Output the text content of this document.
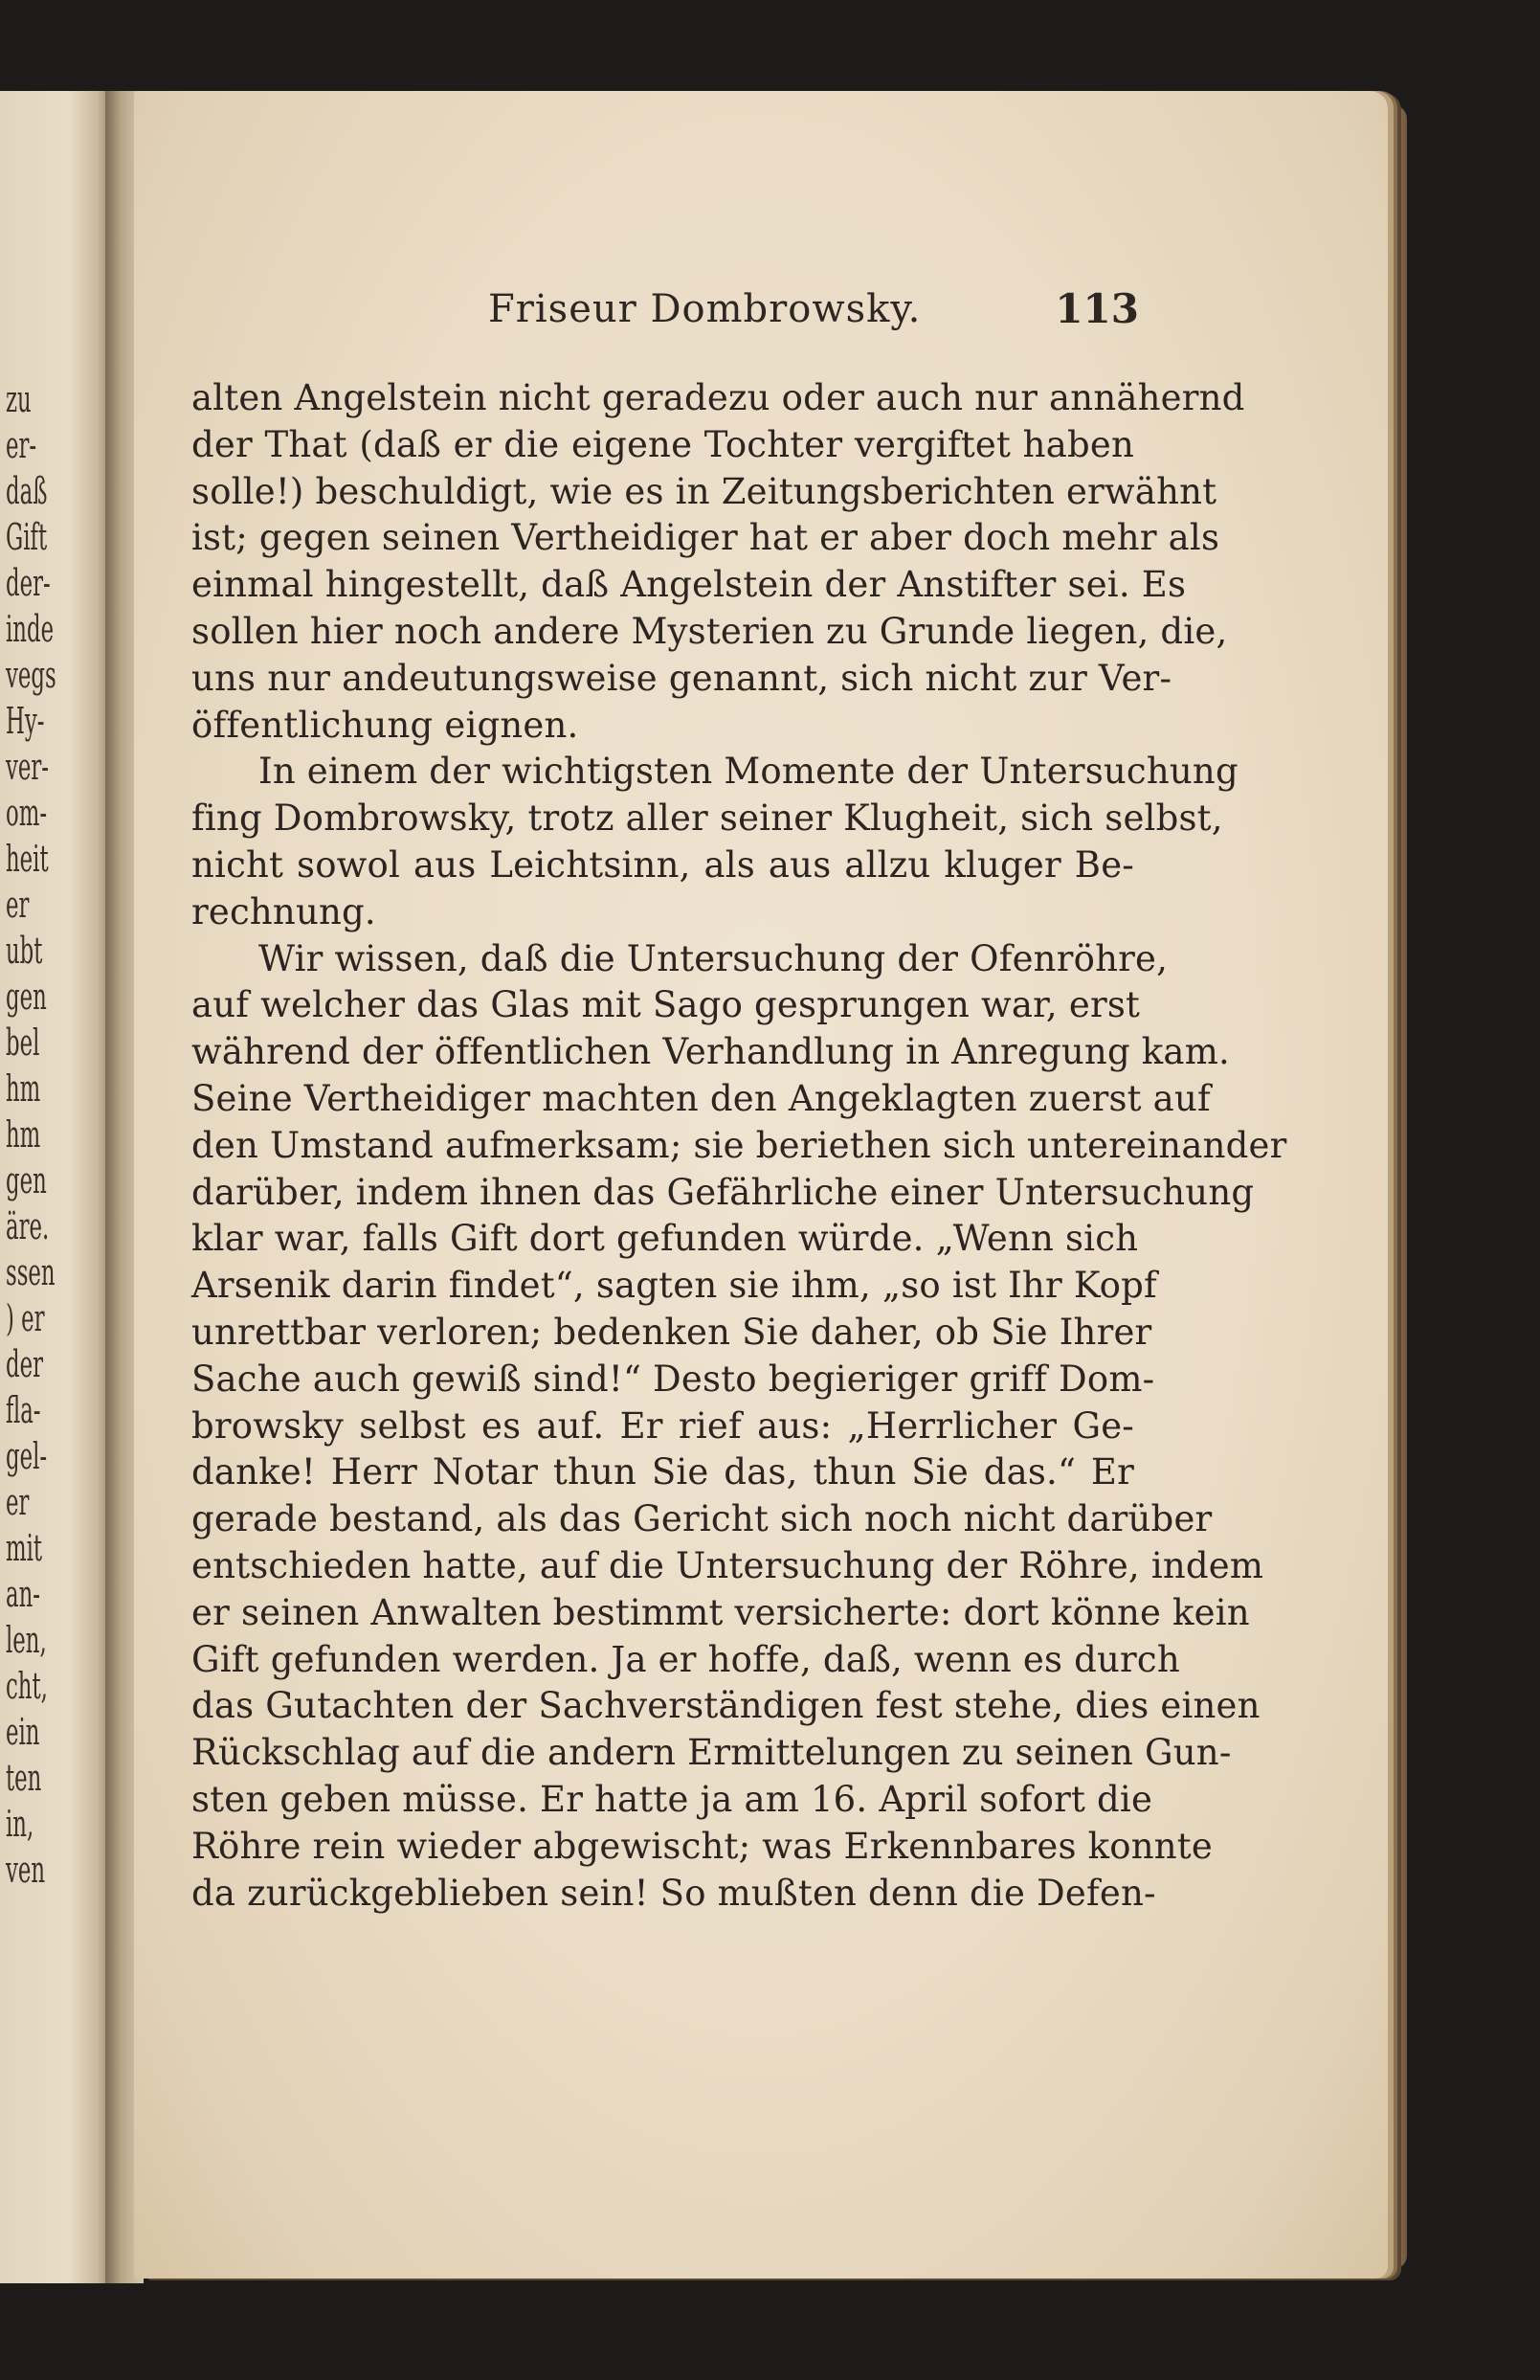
zu
er-
daß
Gift
der-
inde
vegs
Hy-
ver-
om-
heit
er
ubt
gen
bel
hm
hm
gen
äre.
ssen
) er
der
fla-
gel-
er
mit
an-
len,
cht,
ein
ten
in,
ven
Friseur Dombrowsky.	113
alten Angelstein nicht geradezu oder auch nur annähernd
der That (daß er die eigene Tochter vergiftet haben
solle!) beschuldigt, wie es in Zeitungsberichten erwähnt
ist; gegen seinen Vertheidiger hat er aber doch mehr als
einmal hingestellt, daß Angelstein der Anstifter sei. Es
sollen hier noch andere Mysterien zu Grunde liegen, die,
uns nur andeutungsweise genannt, sich nicht zur Ver-
öffentlichung eignen.
In einem der wichtigsten Momente der Untersuchung
fing Dombrowsky, trotz aller seiner Klugheit, sich selbst,
nicht sowol aus Leichtsinn, als aus allzu kluger Be-
rechnung.
Wir wissen, daß die Untersuchung der Ofenröhre,
auf welcher das Glas mit Sago gesprungen war, erst
während der öffentlichen Verhandlung in Anregung kam.
Seine Vertheidiger machten den Angeklagten zuerst auf
den Umstand aufmerksam; sie beriethen sich untereinander
darüber, indem ihnen das Gefährliche einer Untersuchung
klar war, falls Gift dort gefunden würde. „Wenn sich
Arsenik darin findet“, sagten sie ihm, „so ist Ihr Kopf
unrettbar verloren; bedenken Sie daher, ob Sie Ihrer
Sache auch gewiß sind!“ Desto begieriger griff Dom-
browsky selbst es auf. Er rief aus: „Herrlicher Ge-
danke! Herr Notar thun Sie das, thun Sie das.“ Er
gerade bestand, als das Gericht sich noch nicht darüber
entschieden hatte, auf die Untersuchung der Röhre, indem
er seinen Anwalten bestimmt versicherte: dort könne kein
Gift gefunden werden. Ja er hoffe, daß, wenn es durch
das Gutachten der Sachverständigen fest stehe, dies einen
Rückschlag auf die andern Ermittelungen zu seinen Gun-
sten geben müsse. Er hatte ja am 16. April sofort die
Röhre rein wieder abgewischt; was Erkennbares konnte
da zurückgeblieben sein! So mußten denn die Defen-
